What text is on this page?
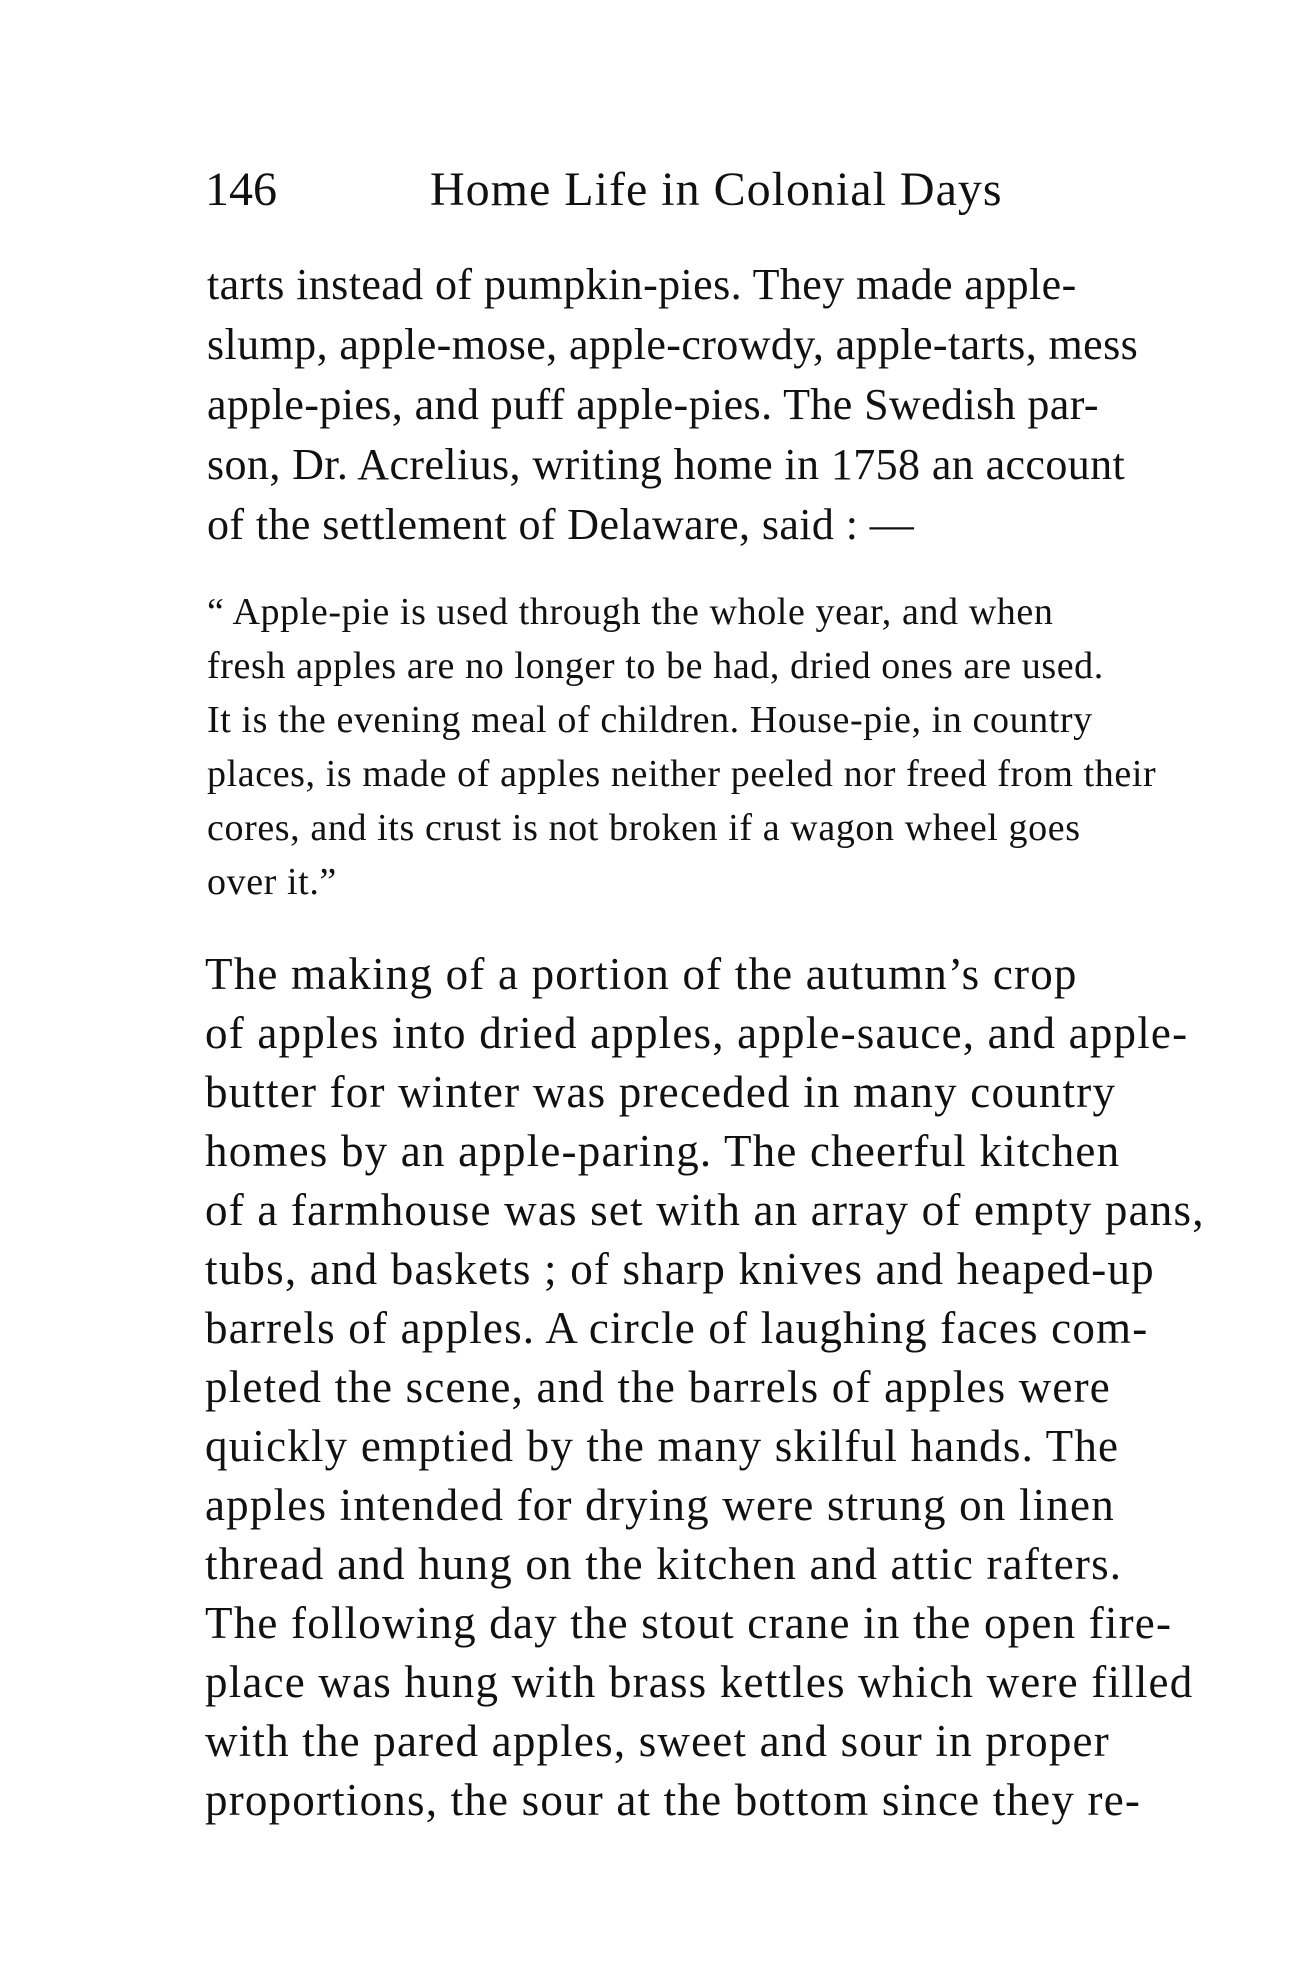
146	Home Life in Colonial Days
tarts instead of pumpkin-pies. They made apple-
slump, apple-mose, apple-crowdy, apple-tarts, mess
apple-pies, and puff apple-pies. The Swedish par-
son, Dr. Acrelius, writing home in 1758 an account
of the settlement of Delaware, said : —
“ Apple-pie is used through the whole year, and when
fresh apples are no longer to be had, dried ones are used.
It is the evening meal of children. House-pie, in country
places, is made of apples neither peeled nor freed from their
cores, and its crust is not broken if a wagon wheel goes
over it.”
The making of a portion of the autumn’s crop
of apples into dried apples, apple-sauce, and apple-
butter for winter was preceded in many country
homes by an apple-paring. The cheerful kitchen
of a farmhouse was set with an array of empty pans,
tubs, and baskets ; of sharp knives and heaped-up
barrels of apples. A circle of laughing faces com-
pleted the scene, and the barrels of apples were
quickly emptied by the many skilful hands. The
apples intended for drying were strung on linen
thread and hung on the kitchen and attic rafters.
The following day the stout crane in the open fire-
place was hung with brass kettles which were filled
with the pared apples, sweet and sour in proper
proportions, the sour at the bottom since they re-
